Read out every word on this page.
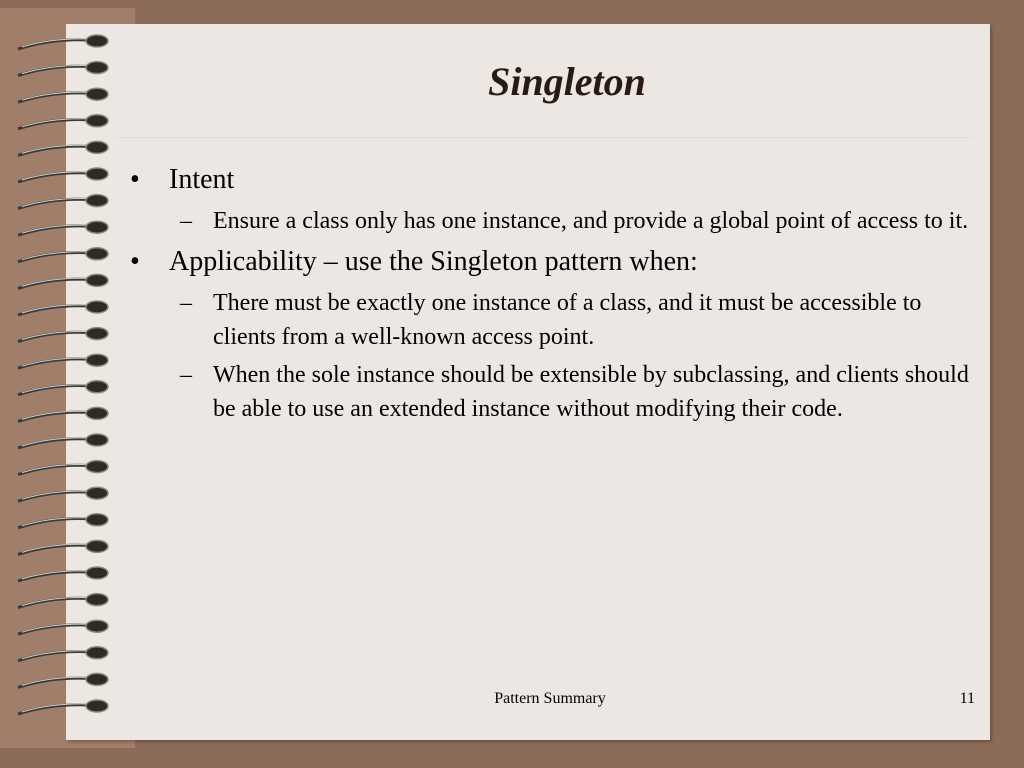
Singleton
•	Intent
– Ensure a class only has one instance, and provide a global point of access to it.
•	Applicability – use the Singleton pattern when:
– There must be exactly one instance of a class, and it must be accessible to clients from a well-known access point.
– When the sole instance should be extensible by subclassing, and clients should be able to use an extended instance without modifying their code.
Pattern Summary	11
